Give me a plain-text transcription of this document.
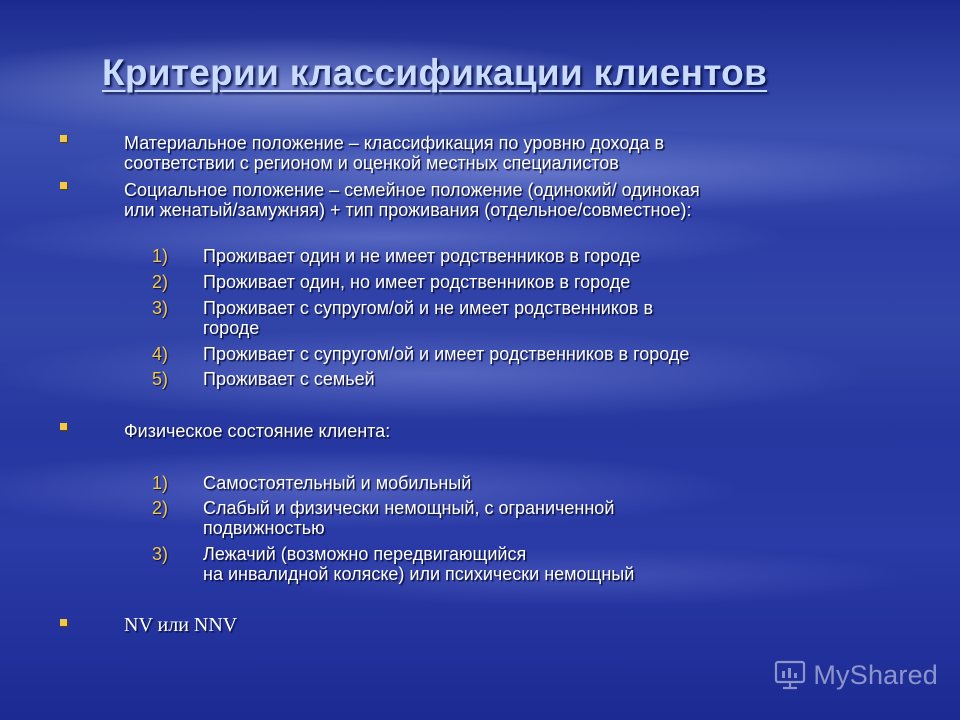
Критерии классификации клиентов
Материальное положение – классификация по уровню дохода в
соответствии с регионом и оценкой местных специалистов
Социальное положение – семейное положение (одинокий/ одинокая
или женатый/замужняя) + тип проживания (отдельное/совместное):
1) Проживает один и не имеет родственников в городе
2) Проживает один, но имеет родственников в городе
3) Проживает с супругом/ой и не имеет родственников в
городе
4) Проживает с супругом/ой и имеет родственников в городе
5) Проживает с семьей
Физическое состояние клиента:
1) Самостоятельный и мобильный
2) Слабый и физически немощный, с ограниченной
подвижностью
3) Лежачий (возможно передвигающийся
на инвалидной коляске) или психически немощный
NV или NNV
MyShared
